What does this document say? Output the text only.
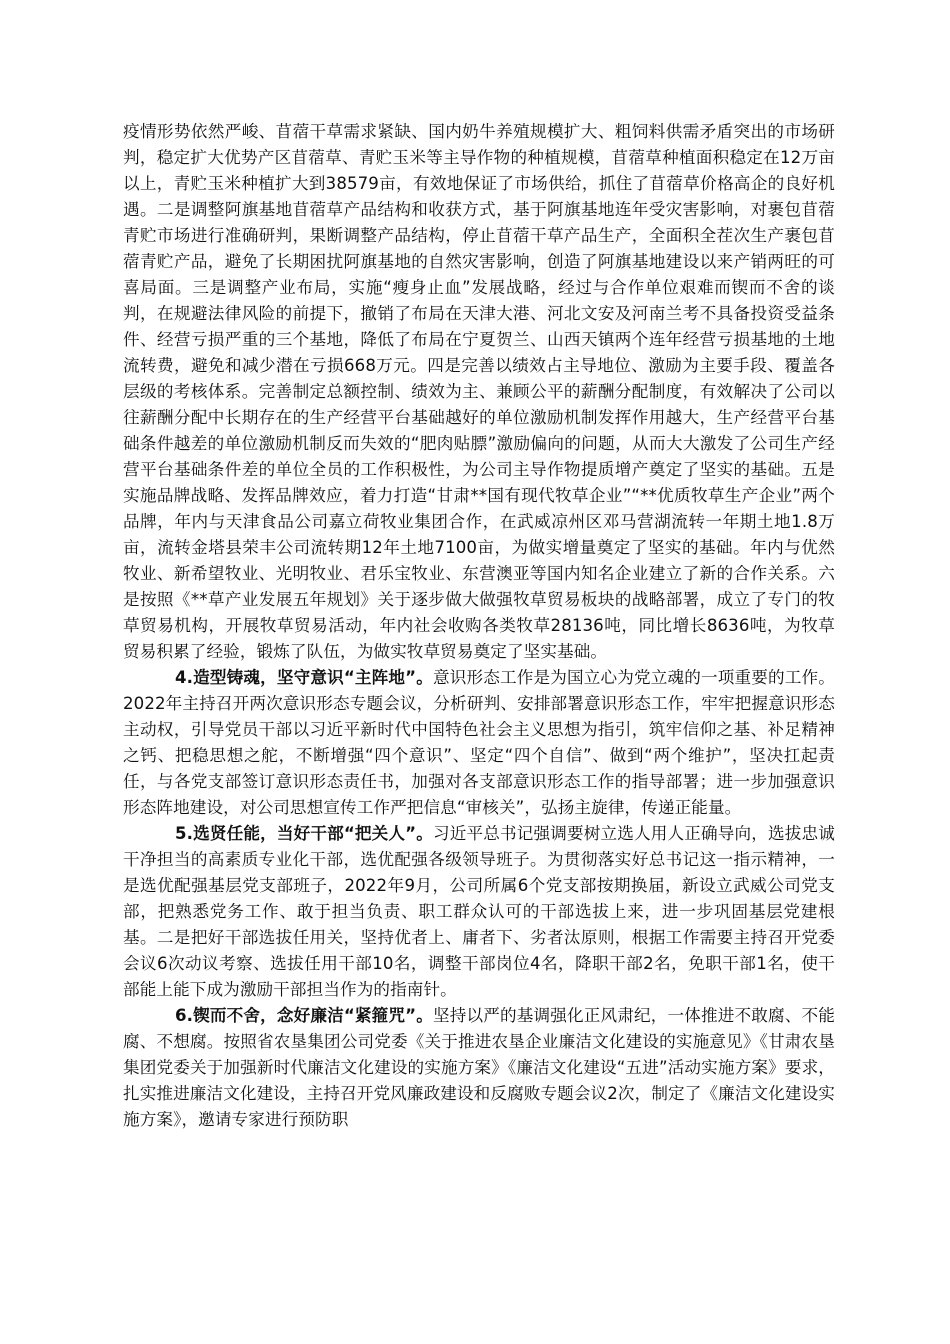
疫情形势依然严峻、苜蓿干草需求紧缺、国内奶牛养殖规模扩大、粗饲料供需矛盾突出的市场研判，稳定扩大优势产区苜蓿草、青贮玉米等主导作物的种植规模，苜蓿草种植面积稳定在12万亩以上，青贮玉米种植扩大到38579亩，有效地保证了市场供给，抓住了苜蓿草价格高企的良好机遇。二是调整阿旗基地苜蓿草产品结构和收获方式，基于阿旗基地连年受灾害影响，对裹包苜蓿青贮市场进行准确研判，果断调整产品结构，停止苜蓿干草产品生产，全面积全茬次生产裹包苜蓿青贮产品，避免了长期困扰阿旗基地的自然灾害影响，创造了阿旗基地建设以来产销两旺的可喜局面。三是调整产业布局，实施“瘦身止血”发展战略，经过与合作单位艰难而锲而不舍的谈判，在规避法律风险的前提下，撤销了布局在天津大港、河北文安及河南兰考不具备投资受益条件、经营亏损严重的三个基地，降低了布局在宁夏贺兰、山西天镇两个连年经营亏损基地的土地流转费，避免和减少潜在亏损668万元。四是完善以绩效占主导地位、激励为主要手段、覆盖各层级的考核体系。完善制定总额控制、绩效为主、兼顾公平的薪酬分配制度，有效解决了公司以往薪酬分配中长期存在的生产经营平台基础越好的单位激励机制发挥作用越大，生产经营平台基础条件越差的单位激励机制反而失效的“肥肉贴膘”激励偏向的问题，从而大大激发了公司生产经营平台基础条件差的单位全员的工作积极性，为公司主导作物提质增产奠定了坚实的基础。五是实施品牌战略、发挥品牌效应，着力打造“甘肃**国有现代牧草企业”“**优质牧草生产企业”两个品牌，年内与天津食品公司嘉立荷牧业集团合作，在武威凉州区邓马营湖流转一年期土地1.8万亩，流转金塔县荣丰公司流转期12年土地7100亩，为做实增量奠定了坚实的基础。年内与优然牧业、新希望牧业、光明牧业、君乐宝牧业、东营澳亚等国内知名企业建立了新的合作关系。六是按照《**草产业发展五年规划》关于逐步做大做强牧草贸易板块的战略部署，成立了专门的牧草贸易机构，开展牧草贸易活动，年内社会收购各类牧草28136吨，同比增长8636吨，为牧草贸易积累了经验，锻炼了队伍，为做实牧草贸易奠定了坚实基础。

4.造型铸魂，坚守意识“主阵地”。意识形态工作是为国立心为党立魂的一项重要的工作。2022年主持召开两次意识形态专题会议，分析研判、安排部署意识形态工作，牢牢把握意识形态主动权，引导党员干部以习近平新时代中国特色社会主义思想为指引，筑牢信仰之基、补足精神之钙、把稳思想之舵，不断增强“四个意识”、坚定“四个自信”、做到“两个维护”，坚决扛起责任，与各党支部签订意识形态责任书，加强对各支部意识形态工作的指导部署；进一步加强意识形态阵地建设，对公司思想宣传工作严把信息“审核关”，弘扬主旋律，传递正能量。

5.选贤任能，当好干部“把关人”。习近平总书记强调要树立选人用人正确导向，选拔忠诚干净担当的高素质专业化干部，选优配强各级领导班子。为贯彻落实好总书记这一指示精神，一是选优配强基层党支部班子，2022年9月，公司所属6个党支部按期换届，新设立武威公司党支部，把熟悉党务工作、敢于担当负责、职工群众认可的干部选拔上来，进一步巩固基层党建根基。二是把好干部选拔任用关，坚持优者上、庸者下、劣者汰原则，根据工作需要主持召开党委会议6次动议考察、选拔任用干部10名，调整干部岗位4名，降职干部2名，免职干部1名，使干部能上能下成为激励干部担当作为的指南针。

6.锲而不舍，念好廉洁“紧箍咒”。坚持以严的基调强化正风肃纪，一体推进不敢腐、不能腐、不想腐。按照省农垦集团公司党委《关于推进农垦企业廉洁文化建设的实施意见》《甘肃农垦集团党委关于加强新时代廉洁文化建设的实施方案》《廉洁文化建设“五进”活动实施方案》要求，扎实推进廉洁文化建设，主持召开党风廉政建设和反腐败专题会议2次，制定了《廉洁文化建设实施方案》，邀请专家进行预防职
